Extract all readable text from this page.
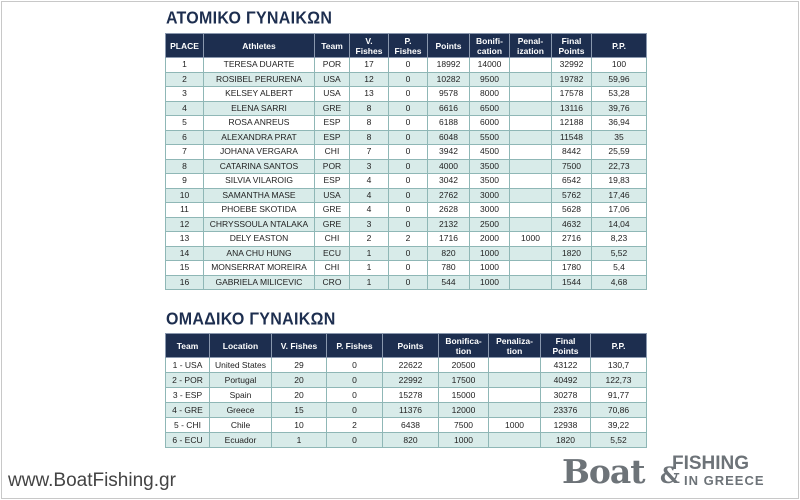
ΑΤΟΜΙΚΟ ΓΥΝΑΙΚΩΝ
PLACE	Athletes	Team	V. Fishes	P. Fishes	Points	Bonifi-cation	Penal-ization	Final Points	P.P.
1	TERESA DUARTE	POR	17	0	18992	14000		32992	100
2	ROSIBEL PERURENA	USA	12	0	10282	9500		19782	59,96
3	KELSEY ALBERT	USA	13	0	9578	8000		17578	53,28
4	ELENA SARRI	GRE	8	0	6616	6500		13116	39,76
5	ROSA ANREUS	ESP	8	0	6188	6000		12188	36,94
6	ALEXANDRA PRAT	ESP	8	0	6048	5500		11548	35
7	JOHANA VERGARA	CHI	7	0	3942	4500		8442	25,59
8	CATARINA SANTOS	POR	3	0	4000	3500		7500	22,73
9	SILVIA VILAROIG	ESP	4	0	3042	3500		6542	19,83
10	SAMANTHA MASE	USA	4	0	2762	3000		5762	17,46
11	PHOEBE SKOTIDA	GRE	4	0	2628	3000		5628	17,06
12	CHRYSSOULA NTALAKA	GRE	3	0	2132	2500		4632	14,04
13	DELY EASTON	CHI	2	2	1716	2000	1000	2716	8,23
14	ANA CHU HUNG	ECU	1	0	820	1000		1820	5,52
15	MONSERRAT MOREIRA	CHI	1	0	780	1000		1780	5,4
16	GABRIELA MILICEVIC	CRO	1	0	544	1000		1544	4,68
ΟΜΑΔΙΚΟ ΓΥΝΑΙΚΩΝ
Team	Location	V. Fishes	P. Fishes	Points	Bonifica-tion	Penaliza-tion	Final Points	P.P.
1 - USA	United States	29	0	22622	20500		43122	130,7
2 - POR	Portugal	20	0	22992	17500		40492	122,73
3 - ESP	Spain	20	0	15278	15000		30278	91,77
4 - GRE	Greece	15	0	11376	12000		23376	70,86
5 - CHI	Chile	10	2	6438	7500	1000	12938	39,22
6 - ECU	Ecuador	1	0	820	1000		1820	5,52
www.BoatFishing.gr	Boat &
FISHING
IN GREECE
